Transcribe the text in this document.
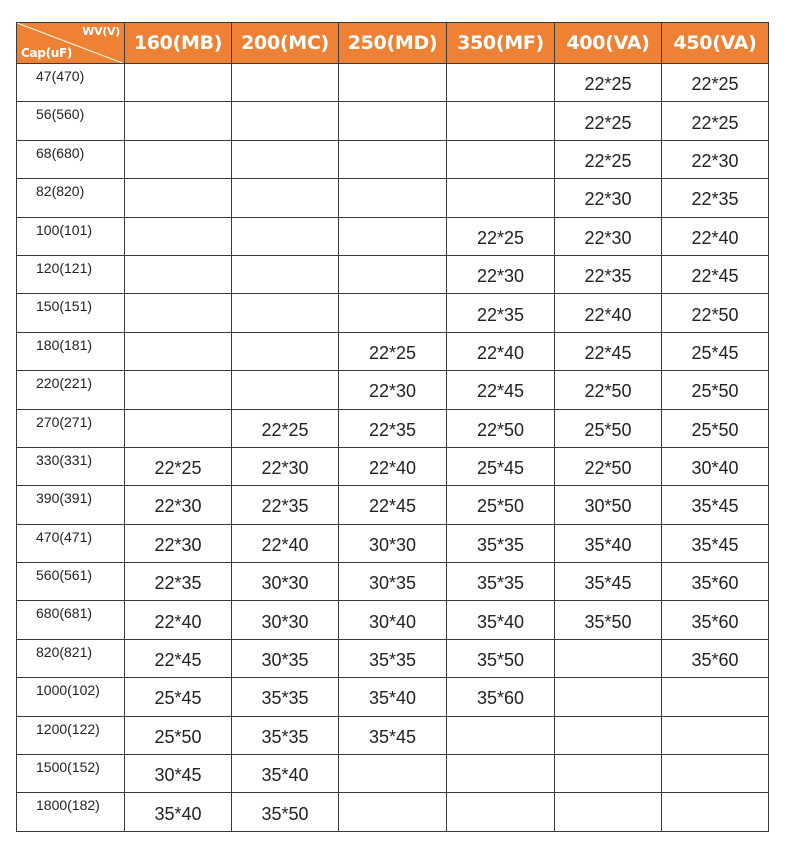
WV(V)
Cap(uF)	160(MB)	200(MC)	250(MD)	350(MF)	400(VA)	450(VA)
47(470)					22*25	22*25
56(560)					22*25	22*25
68(680)					22*25	22*30
82(820)					22*30	22*35
100(101)				22*25	22*30	22*40
120(121)				22*30	22*35	22*45
150(151)				22*35	22*40	22*50
180(181)			22*25	22*40	22*45	25*45
220(221)			22*30	22*45	22*50	25*50
270(271)		22*25	22*35	22*50	25*50	25*50
330(331)	22*25	22*30	22*40	25*45	22*50	30*40
390(391)	22*30	22*35	22*45	25*50	30*50	35*45
470(471)	22*30	22*40	30*30	35*35	35*40	35*45
560(561)	22*35	30*30	30*35	35*35	35*45	35*60
680(681)	22*40	30*30	30*40	35*40	35*50	35*60
820(821)	22*45	30*35	35*35	35*50		35*60
1000(102)	25*45	35*35	35*40	35*60		
1200(122)	25*50	35*35	35*45			
1500(152)	30*45	35*40				
1800(182)	35*40	35*50				
